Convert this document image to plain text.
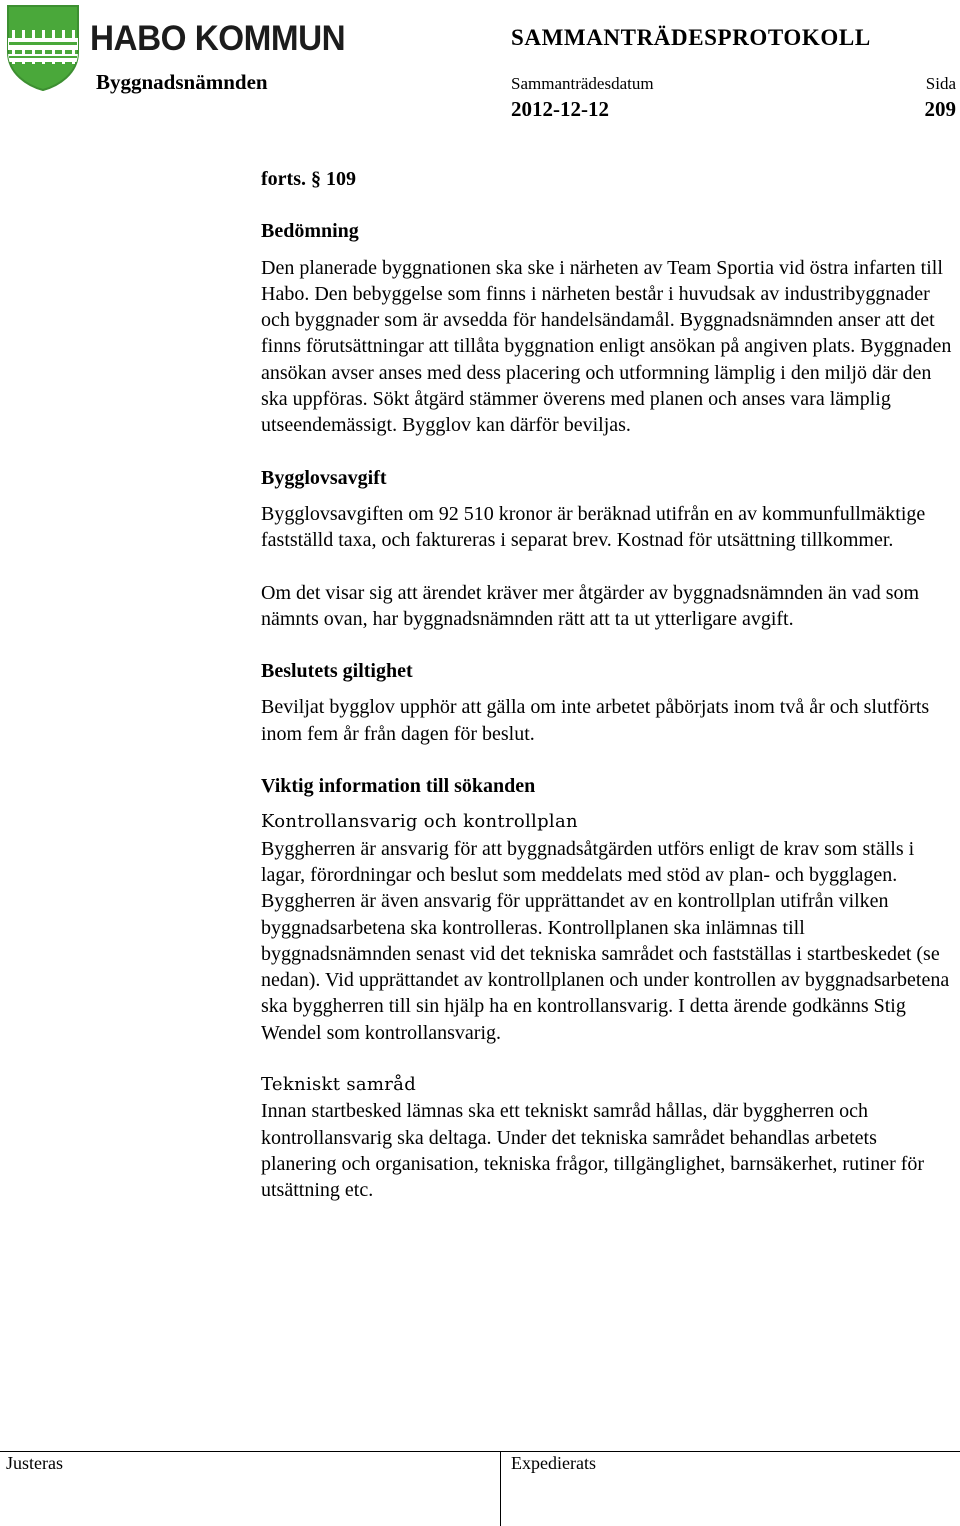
HABO KOMMUN	SAMMANTRÄDESPROTOKOLL
Byggnadsnämnden	Sammanträdesdatum	Sida
2012-12-12	209
forts. § 109
Bedömning

Den planerade byggnationen ska ske i närheten av Team Sportia vid östra infarten till Habo. Den bebyggelse som finns i närheten består i huvudsak av industribyggnader och byggnader som är avsedda för handelsändamål. Byggnadsnämnden anser att det finns förutsättningar att tillåta byggnation enligt ansökan på angiven plats. Byggnaden ansökan avser anses med dess placering och utformning lämplig i den miljö där den ska uppföras. Sökt åtgärd stämmer överens med planen och anses vara lämplig utseendemässigt. Bygglov kan därför beviljas.

Bygglovsavgift

Bygglovsavgiften om 92 510 kronor är beräknad utifrån en av kommunfullmäktige fastställd taxa, och faktureras i separat brev. Kostnad för utsättning tillkommer.

Om det visar sig att ärendet kräver mer åtgärder av byggnadsnämnden än vad som nämnts ovan, har byggnadsnämnden rätt att ta ut ytterligare avgift.

Beslutets giltighet

Beviljat bygglov upphör att gälla om inte arbetet påbörjats inom två år och slutförts inom fem år från dagen för beslut.

Viktig information till sökanden

Kontrollansvarig och kontrollplan

Byggherren är ansvarig för att byggnadsåtgärden utförs enligt de krav som ställs i lagar, förordningar och beslut som meddelats med stöd av plan- och bygglagen. Byggherren är även ansvarig för upprättandet av en kontrollplan utifrån vilken byggnadsarbetena ska kontrolleras. Kontrollplanen ska inlämnas till byggnadsnämnden senast vid det tekniska samrådet och fastställas i startbeskedet (se nedan). Vid upprättandet av kontrollplanen och under kontrollen av byggnadsarbetena ska byggherren till sin hjälp ha en kontrollansvarig. I detta ärende godkänns Stig Wendel som kontrollansvarig.

Tekniskt samråd

Innan startbesked lämnas ska ett tekniskt samråd hållas, där byggherren och kontrollansvarig ska deltaga. Under det tekniska samrådet behandlas arbetets planering och organisation, tekniska frågor, tillgänglighet, barnsäkerhet, rutiner för utsättning etc.

Justeras	Expedierats
